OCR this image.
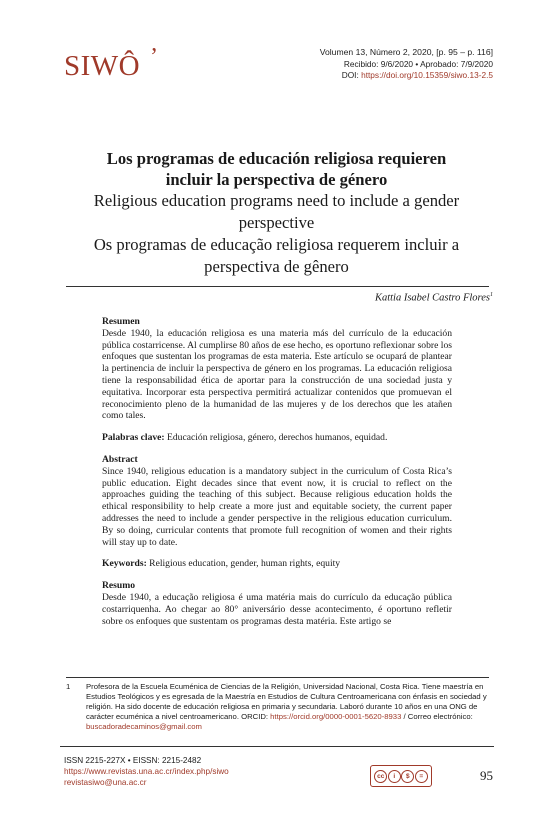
SIWÔ ’	Volumen 13, Número 2, 2020, [p. 95 – p. 116]
Recibido: 9/6/2020 • Aprobado: 7/9/2020
DOI: https://doi.org/10.15359/siwo.13-2.5
Los programas de educación religiosa requieren
incluir la perspectiva de género
Religious education programs need to include a gender
perspective
Os programas de educação religiosa requerem incluir a
perspectiva de gênero
Kattia Isabel Castro Flores$^1$
Resumen

Desde 1940, la educación religiosa es una materia más del currículo de la educación pública costarricense. Al cumplirse 80 años de ese hecho, es oportuno reflexionar sobre los enfoques que sustentan los programas de esta materia. Este artículo se ocupará de plantear la pertinencia de incluir la perspectiva de género en los programas. La educación religiosa tiene la responsabilidad ética de aportar para la construcción de una sociedad justa y equitativa. Incorporar esta perspectiva permitirá actualizar contenidos que promuevan el reconocimiento pleno de la humanidad de las mujeres y de los derechos que les atañen como tales.

Palabras clave: Educación religiosa, género, derechos humanos, equidad.
Abstract

Since 1940, religious education is a mandatory subject in the curriculum of Costa Rica’s public education. Eight decades since that event now, it is crucial to reflect on the approaches guiding the teaching of this subject. Because religious education holds the ethical responsibility to help create a more just and equitable society, the current paper addresses the need to include a gender perspective in the religious education curriculum. By so doing, curricular contents that promote full recognition of women and their rights will stay up to date.

Keywords: Religious education, gender, human rights, equity
Resumo

Desde 1940, a educação religiosa é uma matéria mais do currículo da educação pública costarriquenha. Ao chegar ao 80° aniversário desse acontecimento, é oportuno refletir sobre os enfoques que sustentam os programas desta matéria. Este artigo se

1 Profesora de la Escuela Ecuménica de Ciencias de la Religión, Universidad Nacional, Costa Rica. Tiene maestría en Estudios Teológicos y es egresada de la Maestría en Estudios de Cultura Centroamericana con énfasis en sociedad y religión. Ha sido docente de educación religiosa en primaria y secundaria. Laboró durante 10 años en una ONG de carácter ecuménica a nivel centroamericano. ORCID: https://orcid.org/0000-0001-5620-8933 / Correo electrónico: buscadoradecaminos@gmail.com
ISSN 2215-227X • EISSN: 2215-2482
https://www.revistas.una.ac.cr/index.php/siwo
revistasiwo@una.ac.cr
cc	i	$	=	95
